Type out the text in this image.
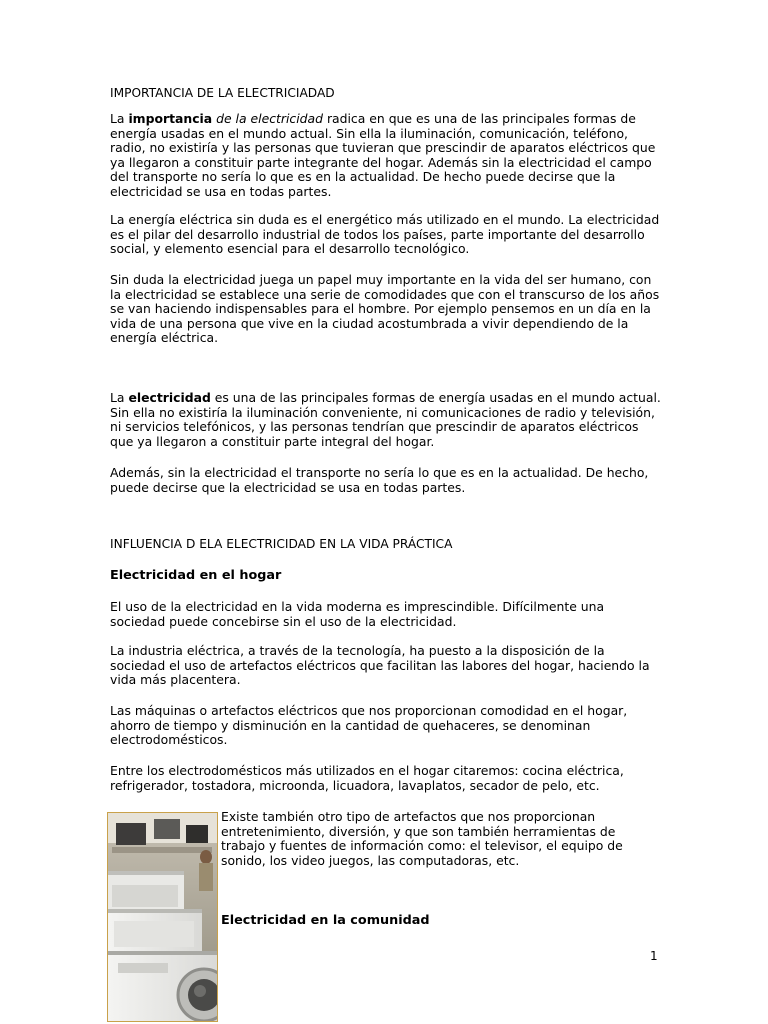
IMPORTANCIA DE LA ELECTRICIADAD

La importancia de la electricidad radica en que es una de las principales formas de energía usadas en el mundo actual. Sin ella la iluminación, comunicación, teléfono, radio, no existiría y las personas que tuvieran que prescindir de aparatos eléctricos que ya llegaron a constituir parte integrante del hogar. Además sin la electricidad el campo del transporte no sería lo que es en la actualidad. De hecho puede decirse que la electricidad se usa en todas partes.

La energía eléctrica sin duda es el energético más utilizado en el mundo. La electricidad es el pilar del desarrollo industrial de todos los países, parte importante del desarrollo social, y elemento esencial para el desarrollo tecnológico.

Sin duda la electricidad juega un papel muy importante en la vida del ser humano, con la electricidad se establece una serie de comodidades que con el transcurso de los años se van haciendo indispensables para el hombre. Por ejemplo pensemos en un día en la vida de una persona que vive en la ciudad acostumbrada a vivir dependiendo de la energía eléctrica.

La electricidad es una de las principales formas de energía usadas en el mundo actual. Sin ella no existiría la iluminación conveniente, ni comunicaciones de radio y televisión, ni servicios telefónicos, y las personas tendrían que prescindir de aparatos eléctricos que ya llegaron a constituir parte integral del hogar.

Además, sin la electricidad el transporte no sería lo que es en la actualidad. De hecho, puede decirse que la electricidad se usa en todas partes.

INFLUENCIA D ELA ELECTRICIDAD EN LA VIDA PRÁCTICA

Electricidad en el hogar

El uso de la electricidad en la vida moderna es imprescindible. Difícilmente una sociedad puede concebirse sin el uso de la electricidad.

La industria eléctrica, a través de la tecnología, ha puesto a la disposición de la sociedad el uso de artefactos eléctricos que facilitan las labores del hogar, haciendo la vida más placentera.

Las máquinas o artefactos eléctricos que nos proporcionan comodidad en el hogar, ahorro de tiempo y disminución en la cantidad de quehaceres, se denominan electrodomésticos.

Entre los electrodomésticos más utilizados en el hogar citaremos: cocina eléctrica, refrigerador, tostadora, microonda, licuadora, lavaplatos, secador de pelo, etc.

Existe también otro tipo de artefactos que nos proporcionan entretenimiento, diversión, y que son también herramientas de trabajo y fuentes de información como: el televisor, el equipo de sonido, los video juegos, las computadoras, etc.

Electricidad en la comunidad

1
